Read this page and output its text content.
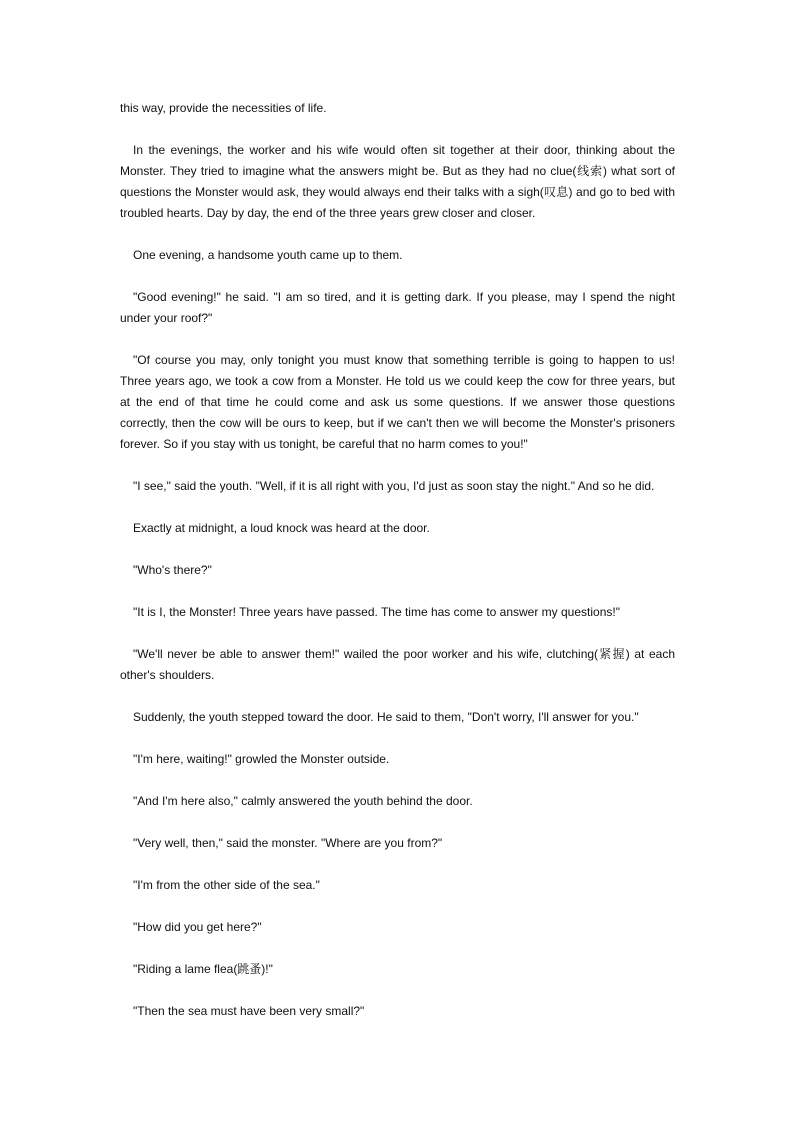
this way, provide the necessities of life.

In the evenings, the worker and his wife would often sit together at their door, thinking about the Monster. They tried to imagine what the answers might be. But as they had no clue(线索) what sort of questions the Monster would ask, they would always end their talks with a sigh(叹息) and go to bed with troubled hearts. Day by day, the end of the three years grew closer and closer.

One evening, a handsome youth came up to them.

"Good evening!" he said. "I am so tired, and it is getting dark. If you please, may I spend the night under your roof?"

"Of course you may, only tonight you must know that something terrible is going to happen to us! Three years ago, we took a cow from a Monster. He told us we could keep the cow for three years, but at the end of that time he could come and ask us some questions. If we answer those questions correctly, then the cow will be ours to keep, but if we can't then we will become the Monster's prisoners forever. So if you stay with us tonight, be careful that no harm comes to you!"

"I see," said the youth. "Well, if it is all right with you, I'd just as soon stay the night." And so he did.

Exactly at midnight, a loud knock was heard at the door.

"Who's there?"

"It is I, the Monster! Three years have passed. The time has come to answer my questions!"

"We'll never be able to answer them!" wailed the poor worker and his wife, clutching(紧握) at each other's shoulders.

Suddenly, the youth stepped toward the door. He said to them, "Don't worry, I'll answer for you."

"I'm here, waiting!" growled the Monster outside.

"And I'm here also," calmly answered the youth behind the door.

"Very well, then," said the monster. "Where are you from?"

"I'm from the other side of the sea."

"How did you get here?"

"Riding a lame flea(跳蚤)!"

"Then the sea must have been very small?"
